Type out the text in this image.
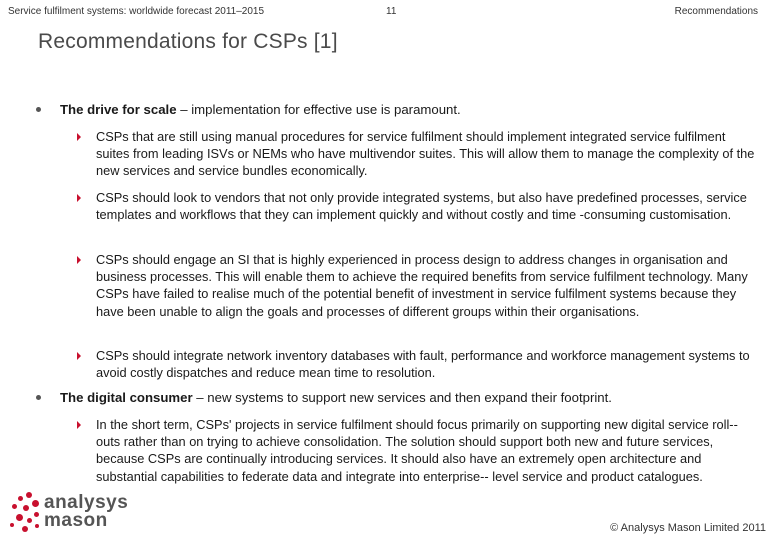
Service fulfilment systems: worldwide forecast 2011–2015	11	Recommendations
Recommendations for CSPs [1]
The drive for scale – implementation for effective use is paramount.
CSPs that are still using manual procedures for service fulfilment should implement integrated service fulfilment suites from leading ISVs or NEMs who have multivendor suites. This will allow them to manage the complexity of the new services and service bundles economically.
CSPs should look to vendors that not only provide integrated systems, but also have predefined processes, service templates and workflows that they can implement quickly and without costly and time -consuming customisation.
CSPs should engage an SI that is highly experienced in process design to address changes in organisation and business processes. This will enable them to achieve the required benefits from service fulfilment technology. Many CSPs have failed to realise much of the potential benefit of investment in service fulfilment systems because they have been unable to align the goals and processes of different groups within their organisations.
CSPs should integrate network inventory databases with fault, performance and workforce management systems to avoid costly dispatches and reduce mean time to resolution.
The digital consumer – new systems to support new services and then expand their footprint.
In the short term, CSPs' projects in service fulfilment should focus primarily on supporting new digital service roll--outs rather than on trying to achieve consolidation. The solution should support both new and future services, because CSPs are continually introducing services. It should also have an extremely open architecture and substantial capabilities to federate data and integrate into enterprise-- level service and product catalogues.
analysys
mason	© Analysys Mason Limited 2011
